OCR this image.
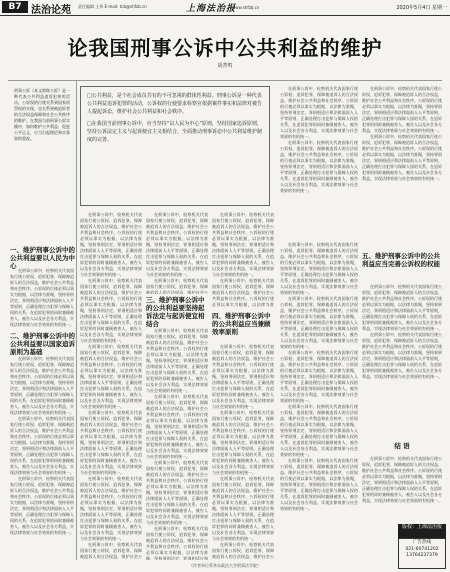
B7 法治论苑 责任编辑 王伟 E-mail: tcb@shfzb.cn	上海法治报
www.shfzb.cn	2020年5月4日 星期一
论我国刑事公诉中公共利益的维护
胡菁鸣

□公共利益，是个社会成员共有的不可忽视的群体性利益。刑事公诉是一种代表公共利益追诉犯罪的活动，公诉权的行使要求检察官依据案件事实和法律对被告人提起诉讼，维护社会公共利益和社会秩序。

□在我国当前刑事公诉中，应当坚持“以人民为中心”原则，坚持国家追诉原则，坚持公诉法定主义与起诉便宜主义相结合，全面推动刑事诉讼中公共利益维护制度的完善。

刑事公诉（本文简称公诉）是一种代表公共利益追诉犯罪的活动。公诉权的行使关系到国家刑罚权的实现，也关系到被追诉者的合法权益保障和社会公共秩序的维护。在我国当前刑事公诉实践中，如何维护公共利益、促进公平正义，应当引起理论和实务界的重视。
一、维护刑事公诉中的公共利益要以人民为中心

在刑事公诉中，检察机关代表国家行使公诉权，追诉犯罪，保障被追诉人的合法权益，维护社会公共利益和社会秩序。公诉权的行使必须以事实为根据，以法律为准绳，坚持罪刑法定、罪刑相适应和法律面前人人平等原则，正确处理打击犯罪与保障人权的关系，在追诉犯罪的同时兼顾被害人、被告人以及社会各方利益，实现法律效果与社会效果的有机统一。

二、维护刑事公诉中的公共利益要以国家追诉原则为基础

在刑事公诉中，检察机关代表国家行使公诉权，追诉犯罪，保障被追诉人的合法权益，维护社会公共利益和社会秩序。公诉权的行使必须以事实为根据，以法律为准绳，坚持罪刑法定、罪刑相适应和法律面前人人平等原则，正确处理打击犯罪与保障人权的关系，在追诉犯罪的同时兼顾被害人、被告人以及社会各方利益，实现法律效果与社会效果的有机统一。

在刑事公诉中，检察机关代表国家行使公诉权，追诉犯罪，保障被追诉人的合法权益，维护社会公共利益和社会秩序。公诉权的行使必须以事实为根据，以法律为准绳，坚持罪刑法定、罪刑相适应和法律面前人人平等原则，正确处理打击犯罪与保障人权的关系，在追诉犯罪的同时兼顾被害人、被告人以及社会各方利益，实现法律效果与社会效果的有机统一。

在刑事公诉中，检察机关代表国家行使公诉权，追诉犯罪，保障被追诉人的合法权益，维护社会公共利益和社会秩序。公诉权的行使必须以事实为根据，以法律为准绳，坚持罪刑法定、罪刑相适应和法律面前人人平等原则，正确处理打击犯罪与保障人权的关系，在追诉犯罪的同时兼顾被害人、被告人以及社会各方利益，实现法律效果与社会效果的有机统一。

在刑事公诉中，检察机关代表国家行使公诉权，追诉犯罪，保障被追诉人的合法权益，维护社会公共利益和社会秩序。公诉权的行使必须以事实为根据，以法律为准绳，坚持罪刑法定、罪刑相适应和法律面前人人平等原则，正确处理打击犯罪与保障人权的关系，在追诉犯罪的同时兼顾被害人、被告人以及社会各方利益，实现法律效果与社会效果的有机统一。

在刑事公诉中，检察机关代表国家行使公诉权，追诉犯罪，保障被追诉人的合法权益，维护社会公共利益和社会秩序。公诉权的行使必须以事实为根据，以法律为准绳，坚持罪刑法定、罪刑相适应和法律面前人人平等原则，正确处理打击犯罪与保障人权的关系，在追诉犯罪的同时兼顾被害人、被告人以及社会各方利益，实现法律效果与社会效果的有机统一。

在刑事公诉中，检察机关代表国家行使公诉权，追诉犯罪，保障被追诉人的合法权益，维护社会公共利益和社会秩序。公诉权的行使必须以事实为根据，以法律为准绳，坚持罪刑法定、罪刑相适应和法律面前人人平等原则，正确处理打击犯罪与保障人权的关系，在追诉犯罪的同时兼顾被害人、被告人以及社会各方利益，实现法律效果与社会效果的有机统一。

在刑事公诉中，检察机关代表国家行使公诉权，追诉犯罪，保障被追诉人的合法权益，维护社会公共利益和社会秩序。公诉权的行使必须以事实为根据，以法律为准绳，坚持罪刑法定、罪刑相适应和法律面前人人平等原则，正确处理打击犯罪与保障人权的关系，在追诉犯罪的同时兼顾被害人、被告人以及社会各方利益，实现法律效果与社会效果的有机统一。

在刑事公诉中，检察机关代表国家行使公诉权，追诉犯罪，保障被追诉人的合法权益，维护社会公共利益和社会秩序。公诉权的行使必须以事实为根据，以法律为准绳，坚持罪刑法定、罪刑相适应和法律面前人人平等原则，正确处理打击犯罪与保障人权的关系，在追诉犯罪的同时兼顾被害人、被告人以及社会各方利益，实现法律效果与社会效果的有机统一。

在刑事公诉中，检察机关代表国家行使公诉权，追诉犯罪，保障被追诉人的合法权益，维护社会公

在刑事公诉中，检察机关代表国家行使公诉权，追诉犯罪，保障被追诉人的合法权益，维护社会公共利益和社会秩序。公诉权的行使必须以事实为根据，以法律为准绳，坚持罪刑法定、罪刑相适应和法律面前人人平等原则，正确处理打击犯罪与保障人权的关系，在追诉犯罪的同时兼顾被害人、被告人以及社会各方利益，实现法律效果与社会效果的有机统一。

在刑事公诉中，检察机关代表国家行使公诉权，追诉犯罪，保障被追诉人的合法权益，维护社会公

三、维护刑事公诉中的公共利益要坚持起诉法定与起诉便宜相结合

在刑事公诉中，检察机关代表国家行使公诉权，追诉犯罪，保障被追诉人的合法权益，维护社会公共利益和社会秩序。公诉权的行使必须以事实为根据，以法律为准绳，坚持罪刑法定、罪刑相适应和法律面前人人平等原则，正确处理打击犯罪与保障人权的关系，在追诉犯罪的同时兼顾被害人、被告人以及社会各方利益，实现法律效果与社会效果的有机统一。

在刑事公诉中，检察机关代表国家行使公诉权，追诉犯罪，保障被追诉人的合法权益，维护社会公共利益和社会秩序。公诉权的行使必须以事实为根据，以法律为准绳，坚持罪刑法定、罪刑相适应和法律面前人人平等原则，正确处理打击犯罪与保障人权的关系，在追诉犯罪的同时兼顾被害人、被告人以及社会各方利益，实现法律效果与社会效果的有机统一。

在刑事公诉中，检察机关代表国家行使公诉权，追诉犯罪，保障被追诉人的合法权益，维护社会公共利益和社会秩序。公诉权的行使必须以事实为根据，以法律为准绳，坚持罪刑法定、罪刑相适应和法律面前人人平等原则，正确处理打击犯罪与保障人权的关系，在追诉犯罪的同时兼顾被害人、被告人以及社会各方利益，实现法律效果与社会效果的有机统一。

在刑事公诉中，检察机关代表国家行使公诉权，追诉犯罪，保障被追诉人的合法权益，维护社会公共利益和社会秩序。公诉权的行使必须以事实为根据，以法律为准绳，坚持罪刑法定、罪刑相适应和

在刑事公诉中，检察机关代表国家行使公诉权，追诉犯罪，保障被追诉人的合法权益，维护社会公共利益和社会秩序。公诉权的行使必须以事实为根据，以法律为准绳，坚持罪刑法定、罪刑相适应和法律面前人人平等原则，正确处理打击犯罪与保障人权的关系，在追诉犯罪的同时兼顾被害人、被告人以及社会各方利益，实现法律效果与社会效果的有机统一。

在刑事公诉中，检察机关代表国家行使公诉权，追诉犯罪，保障被追诉人的合法权益，维护社会公共利益和社会秩序。公诉权的行使必须以事实为根据，以法律为准

四、维护刑事公诉中的公共利益应当兼顾效率原则

在刑事公诉中，检察机关代表国家行使公诉权，追诉犯罪，保障被追诉人的合法权益，维护社会公共利益和社会秩序。公诉权的行使必须以事实为根据，以法律为准绳，坚持罪刑法定、罪刑相适应和法律面前人人平等原则，正确处理打击犯罪与保障人权的关系，在追诉犯罪的同时兼顾被害人、被告人以及社会各方利益，实现法律效果与社会效果的有机统一。

在刑事公诉中，检察机关代表国家行使公诉权，追诉犯罪，保障被追诉人的合法权益，维护社会公共利益和社会秩序。公诉权的行使必须以事实为根据，以法律为准绳，坚持罪刑法定、罪刑相适应和法律面前人人平等原则，正确处理打击犯罪与保障人权的关系，在追诉犯罪的同时兼顾被害人、被告人以及社会各方利益，实现法律效果与社会效果的有机统一。

在刑事公诉中，检察机关代表国家行使公诉权，追诉犯罪，保障被追诉人的合法权益，维护社会公共利益和社会秩序。公诉权的行使必须以事实为根据，以法律为准绳，坚持罪刑法定、罪刑相适应和法律面前人人平等原则，正确处理打击犯罪与保障人权的关系，在追诉犯罪的同时兼顾被害人、被告人以及社会各方利益，实现法律效果与社会效果的有机统一。

在刑事公诉中，检察机关代表国家行使公诉权，追诉犯罪，保障被追诉人的合法权益，维护社会公

在刑事公诉中，检察机关代表国家行使公诉权，追诉犯罪，保障被追诉人的合法权益，维护社会公共利益和社会秩序。公诉权的行使必须以事实为根据，以法律为准绳，坚持罪刑法定、罪刑相适应和法律面前人人平等原则，正确处理打击犯罪与保障人权的关系，在追诉犯罪的同时兼顾被害人、被告人以及社会各方利益，实现法律效果与社会效果的有机统一。

在刑事公诉中，检察机关代表国家行使公诉权，追诉犯罪，保障被追诉人的合法权益，维护社会公共利益和社会秩序。公诉权的行使必须以事实为根据，以法律为准绳，坚持罪刑法定、罪刑相适应和法律面前人人平等原则，正确处理打击犯罪与保障人权的关系，在追诉犯罪的同时兼顾被害人、被告人以及社会各方利益，实现法律效果与社会效果的有机统一。

在刑事公诉中，检察机关代表国家行使公诉权，追诉犯罪，保障被追诉人的合法权益，维护社会公共利益和社会秩序。公诉权的行使必须以事实为根据，以法律为准绳，坚持罪刑法定、罪刑相适应和法律面前人人平等原则，正确处理打击犯罪与保障人权的关系，在追诉犯罪的同时兼顾被害人、被告人以及社会各方利益，实现法律效果与社会效果的有机统一。

在刑事公诉中，检察机关代表国家行使公诉权，追诉犯罪，保障被追诉人的合法权益，维护社会公共利益和社会秩序。公诉权的行使必须以事实为根据，以法律为准绳，坚持罪刑法定、罪刑相适应和法律面前人人平等原则，正确处理打击犯罪与保障人权的关系，在追诉犯罪的同时兼顾被害人、被告人以及社会各方利益，实现法律效果与社会效果的有机统一。

在刑事公诉中，检察机关代表国家行使公诉权，追诉犯罪，保障被追诉人的合法权益，维护社会公共利益和社会秩序。公诉权的行使必须以事实为根据，以法律为准绳，坚持罪刑法定、罪刑相适应和法律面前人人平等原则，正确处理打击犯罪与保障人权的关系，在追诉犯罪的同时兼顾被害人、被告人以及社会各方利益，实现法律效果与社会效果的有机统一。

在刑事公诉中，检察机关代表国家行使公诉权，追诉犯罪，保障被追诉人的合法权益，维护社会公共利益和社会秩序。公诉权的行使必须以事实为根据，以法律为准绳，坚持罪刑法定、罪刑相适应和法律面前人人平等原则，正确处理打击犯罪与保障人权的关系，在追诉犯罪的同时兼顾被害人、被告人以及社会各方利益，实现法律效果与社会效果的有机统一。

在刑事公诉中，检察机关代表国家行使公诉权，追诉犯罪，保障被追诉人的合法权益，维护社会公共利益和社会秩序。公诉权的行使必须以事实为根据，以法律为准绳，坚持罪刑法定、罪刑相适应和法律面前人人平等原则，正确处理打击犯罪与保障人权的关系，在追诉犯罪的同时兼顾被害人、被告人以及社会各方利益，实现法律效果与社会效果的有机统一。

在刑事公诉中，检察机关代表国家行使公诉权，追诉犯罪，保障被追诉人的合法权益，维护社会公共利益和社会秩序。公诉权的行使必须以事实为根据，以法律为准绳，坚持罪刑法定、罪刑相适应和法律面前人人平等原则，正确处理打击犯罪与保障人权的关系，在追诉犯罪的同时兼顾被害人、被告人以及社会各方利益，实现法律效果与社会效果的有机统一。

在刑事公诉中，检察机关代表国家行使公诉权，追诉犯罪，保障被追诉人的合法权益，维护社会公共利益和社会秩序。公诉权的行使必须以事实为根据，以法律为准绳，坚持罪刑法定、罪刑相适应和法律面前人人平等原则，正确处理打击犯罪与保障人权的关系，在追诉犯罪的同时兼顾被害人、被告人以及社会各方利益，实现法律效果与社会效果的有机统一。

五、维护刑事公诉中的公共利益应当完善公诉权的权能

在刑事公诉中，检察机关代表国家行使公诉权，追诉犯罪，保障被追诉人的合法权益，维护社会公共利益和社会秩序。公诉权的行使必须以事实为根据，以法律为准绳，坚持罪刑法定、罪刑相适应和法律面前人人平等原则，正确处理打击犯罪与保障人权的关系，在追诉犯罪的同时兼顾被害人、被告人以及社会各方利益，实现法律效果与社会效果的有机统一。

在刑事公诉中，检察机关代表国家行使公诉权，追诉犯罪，保障被追诉人的合法权益，维护社会公共利益和社会秩序。公诉权的行使必须以事实为根据，以法律为准绳，坚持罪刑法定、罪刑相适应和法律面前人人平等原则，正确处理打击犯罪与保障人权的关系，在追诉犯罪的同时兼顾被害人、被告人以及社会各方利益，实现法律效果与社会效果的有机统一。

结 语

在刑事公诉中，检察机关代表国家行使公诉权，追诉犯罪，保障被追诉人的合法权益，维护社会公共利益和社会秩序。公诉权的行使必须以事实为根据，以法律为准绳，坚持罪刑法定、罪刑相适应和法律面前人人平等原则，正确处理打击犯罪与保障人权的关系，在追诉犯罪的同时兼顾被害人、被告人以及社会各方利益，实现法律效果与社会效果的有机统一。

版权：上海法治报
广告热线
021-60741202
13764237379
（作者单位系华东政法大学刑事法学院）
